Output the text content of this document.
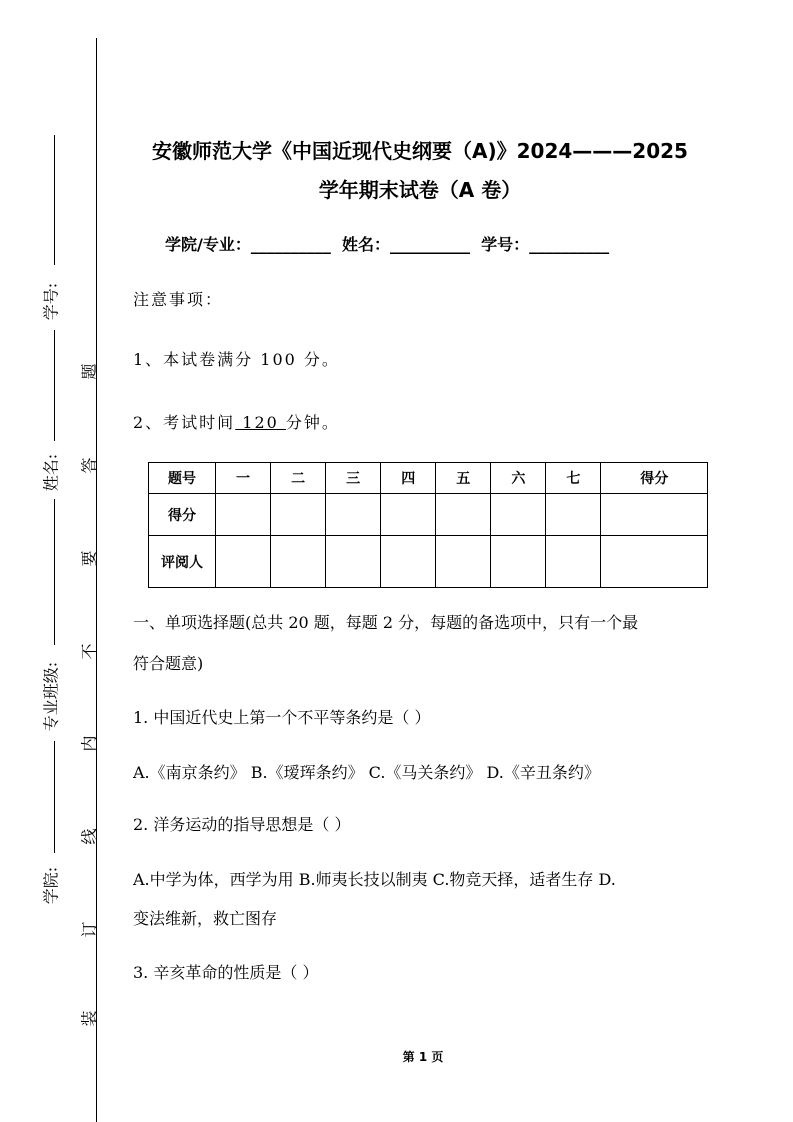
学号:
姓名:
专业班级:
学院:
题
答
要
不
内
线
订
装
安徽师范大学《中国近现代史纲要（A)》2024———2025
学年期末试卷（A 卷）
学院/专业：__________ 姓名：__________ 学号：__________
注意事项：
1、本试卷满分 100 分。
2、考试时间 120 分钟。
题号	一	二	三	四	五	六	七	得分
得分								
评阅人								
一、单项选择题(总共 20 题，每题 2 分，每题的备选项中，只有一个最
符合题意)
1. 中国近代史上第一个不平等条约是（ ）
A.《南京条约》 B.《瑷珲条约》 C.《马关条约》 D.《辛丑条约》
2. 洋务运动的指导思想是（ ）
A.中学为体，西学为用 B.师夷长技以制夷 C.物竞天择，适者生存 D.
变法维新，救亡图存
3. 辛亥革命的性质是（ ）
第 1 页
